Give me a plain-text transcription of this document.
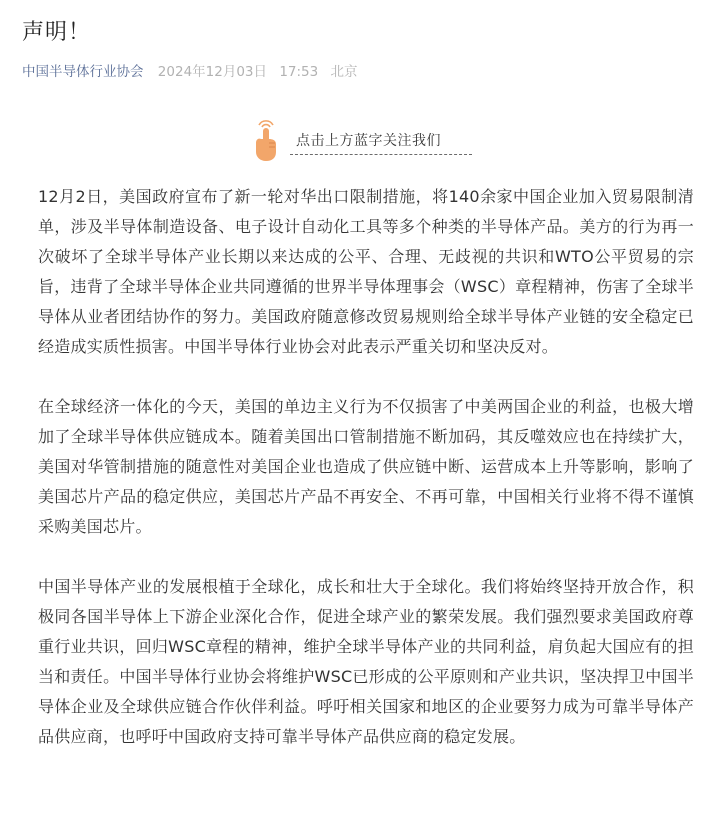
声明！
中国半导体行业协会 2024年12月03日 17:53 北京
点击上方蓝字关注我们

12月2日，美国政府宣布了新一轮对华出口限制措施，将140余家中国企业加入贸易限制清单，涉及半导体制造设备、电子设计自动化工具等多个种类的半导体产品。美方的行为再一次破坏了全球半导体产业长期以来达成的公平、合理、无歧视的共识和WTO公平贸易的宗旨，违背了全球半导体企业共同遵循的世界半导体理事会（WSC）章程精神，伤害了全球半导体从业者团结协作的努力。美国政府随意修改贸易规则给全球半导体产业链的安全稳定已经造成实质性损害。中国半导体行业协会对此表示严重关切和坚决反对。

在全球经济一体化的今天，美国的单边主义行为不仅损害了中美两国企业的利益，也极大增加了全球半导体供应链成本。随着美国出口管制措施不断加码，其反噬效应也在持续扩大，美国对华管制措施的随意性对美国企业也造成了供应链中断、运营成本上升等影响，影响了美国芯片产品的稳定供应，美国芯片产品不再安全、不再可靠，中国相关行业将不得不谨慎采购美国芯片。

中国半导体产业的发展根植于全球化，成长和壮大于全球化。我们将始终坚持开放合作，积极同各国半导体上下游企业深化合作，促进全球产业的繁荣发展。我们强烈要求美国政府尊重行业共识，回归WSC章程的精神，维护全球半导体产业的共同利益，肩负起大国应有的担当和责任。中国半导体行业协会将维护WSC已形成的公平原则和产业共识，坚决捍卫中国半导体企业及全球供应链合作伙伴利益。呼吁相关国家和地区的企业要努力成为可靠半导体产品供应商，也呼吁中国政府支持可靠半导体产品供应商的稳定发展。
